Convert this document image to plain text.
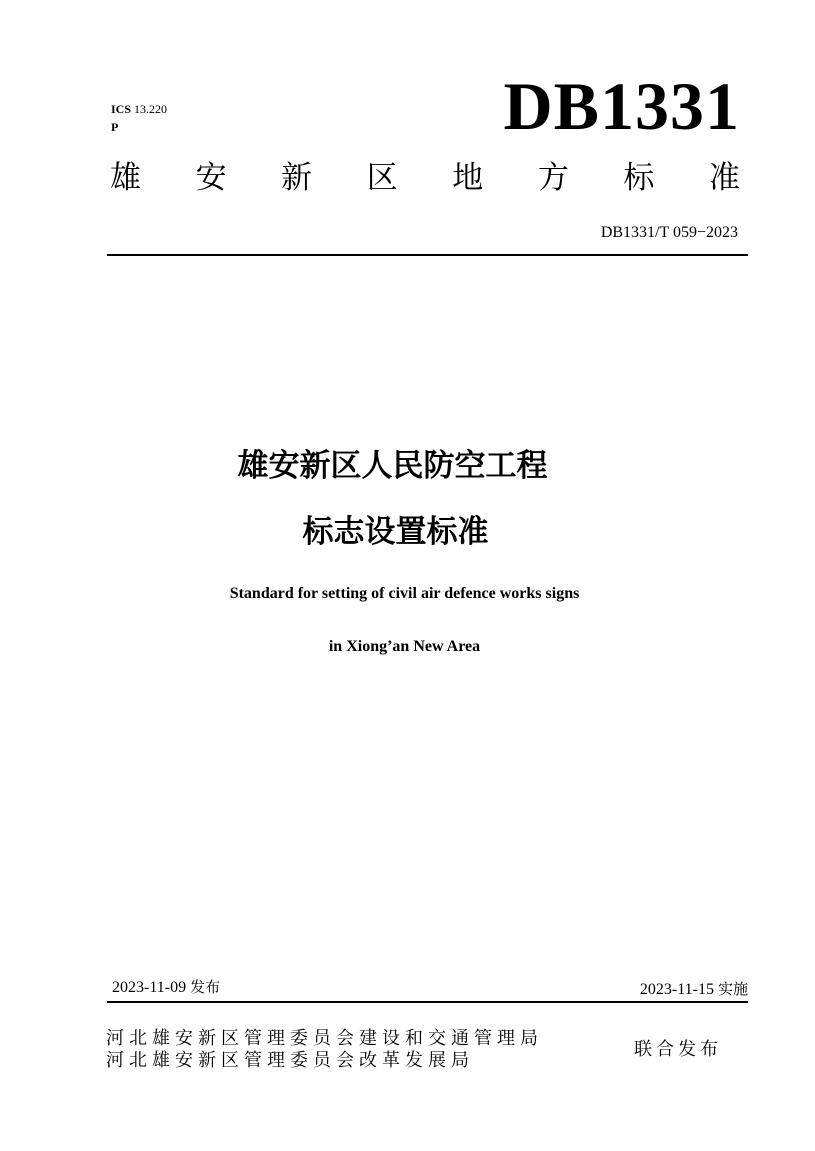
ICS 13.220
P	DB1331
雄 安 新 区 地 方 标 准
DB1331/T 059−2023
雄安新区人民防空工程
标志设置标准
Standard for setting of civil air defence works signs
in Xiong’an New Area
2023-11-09 发布	2023-11-15 实施
河北雄安新区管理委员会建设和交通管理局
河北雄安新区管理委员会改革发展局
联合发布
